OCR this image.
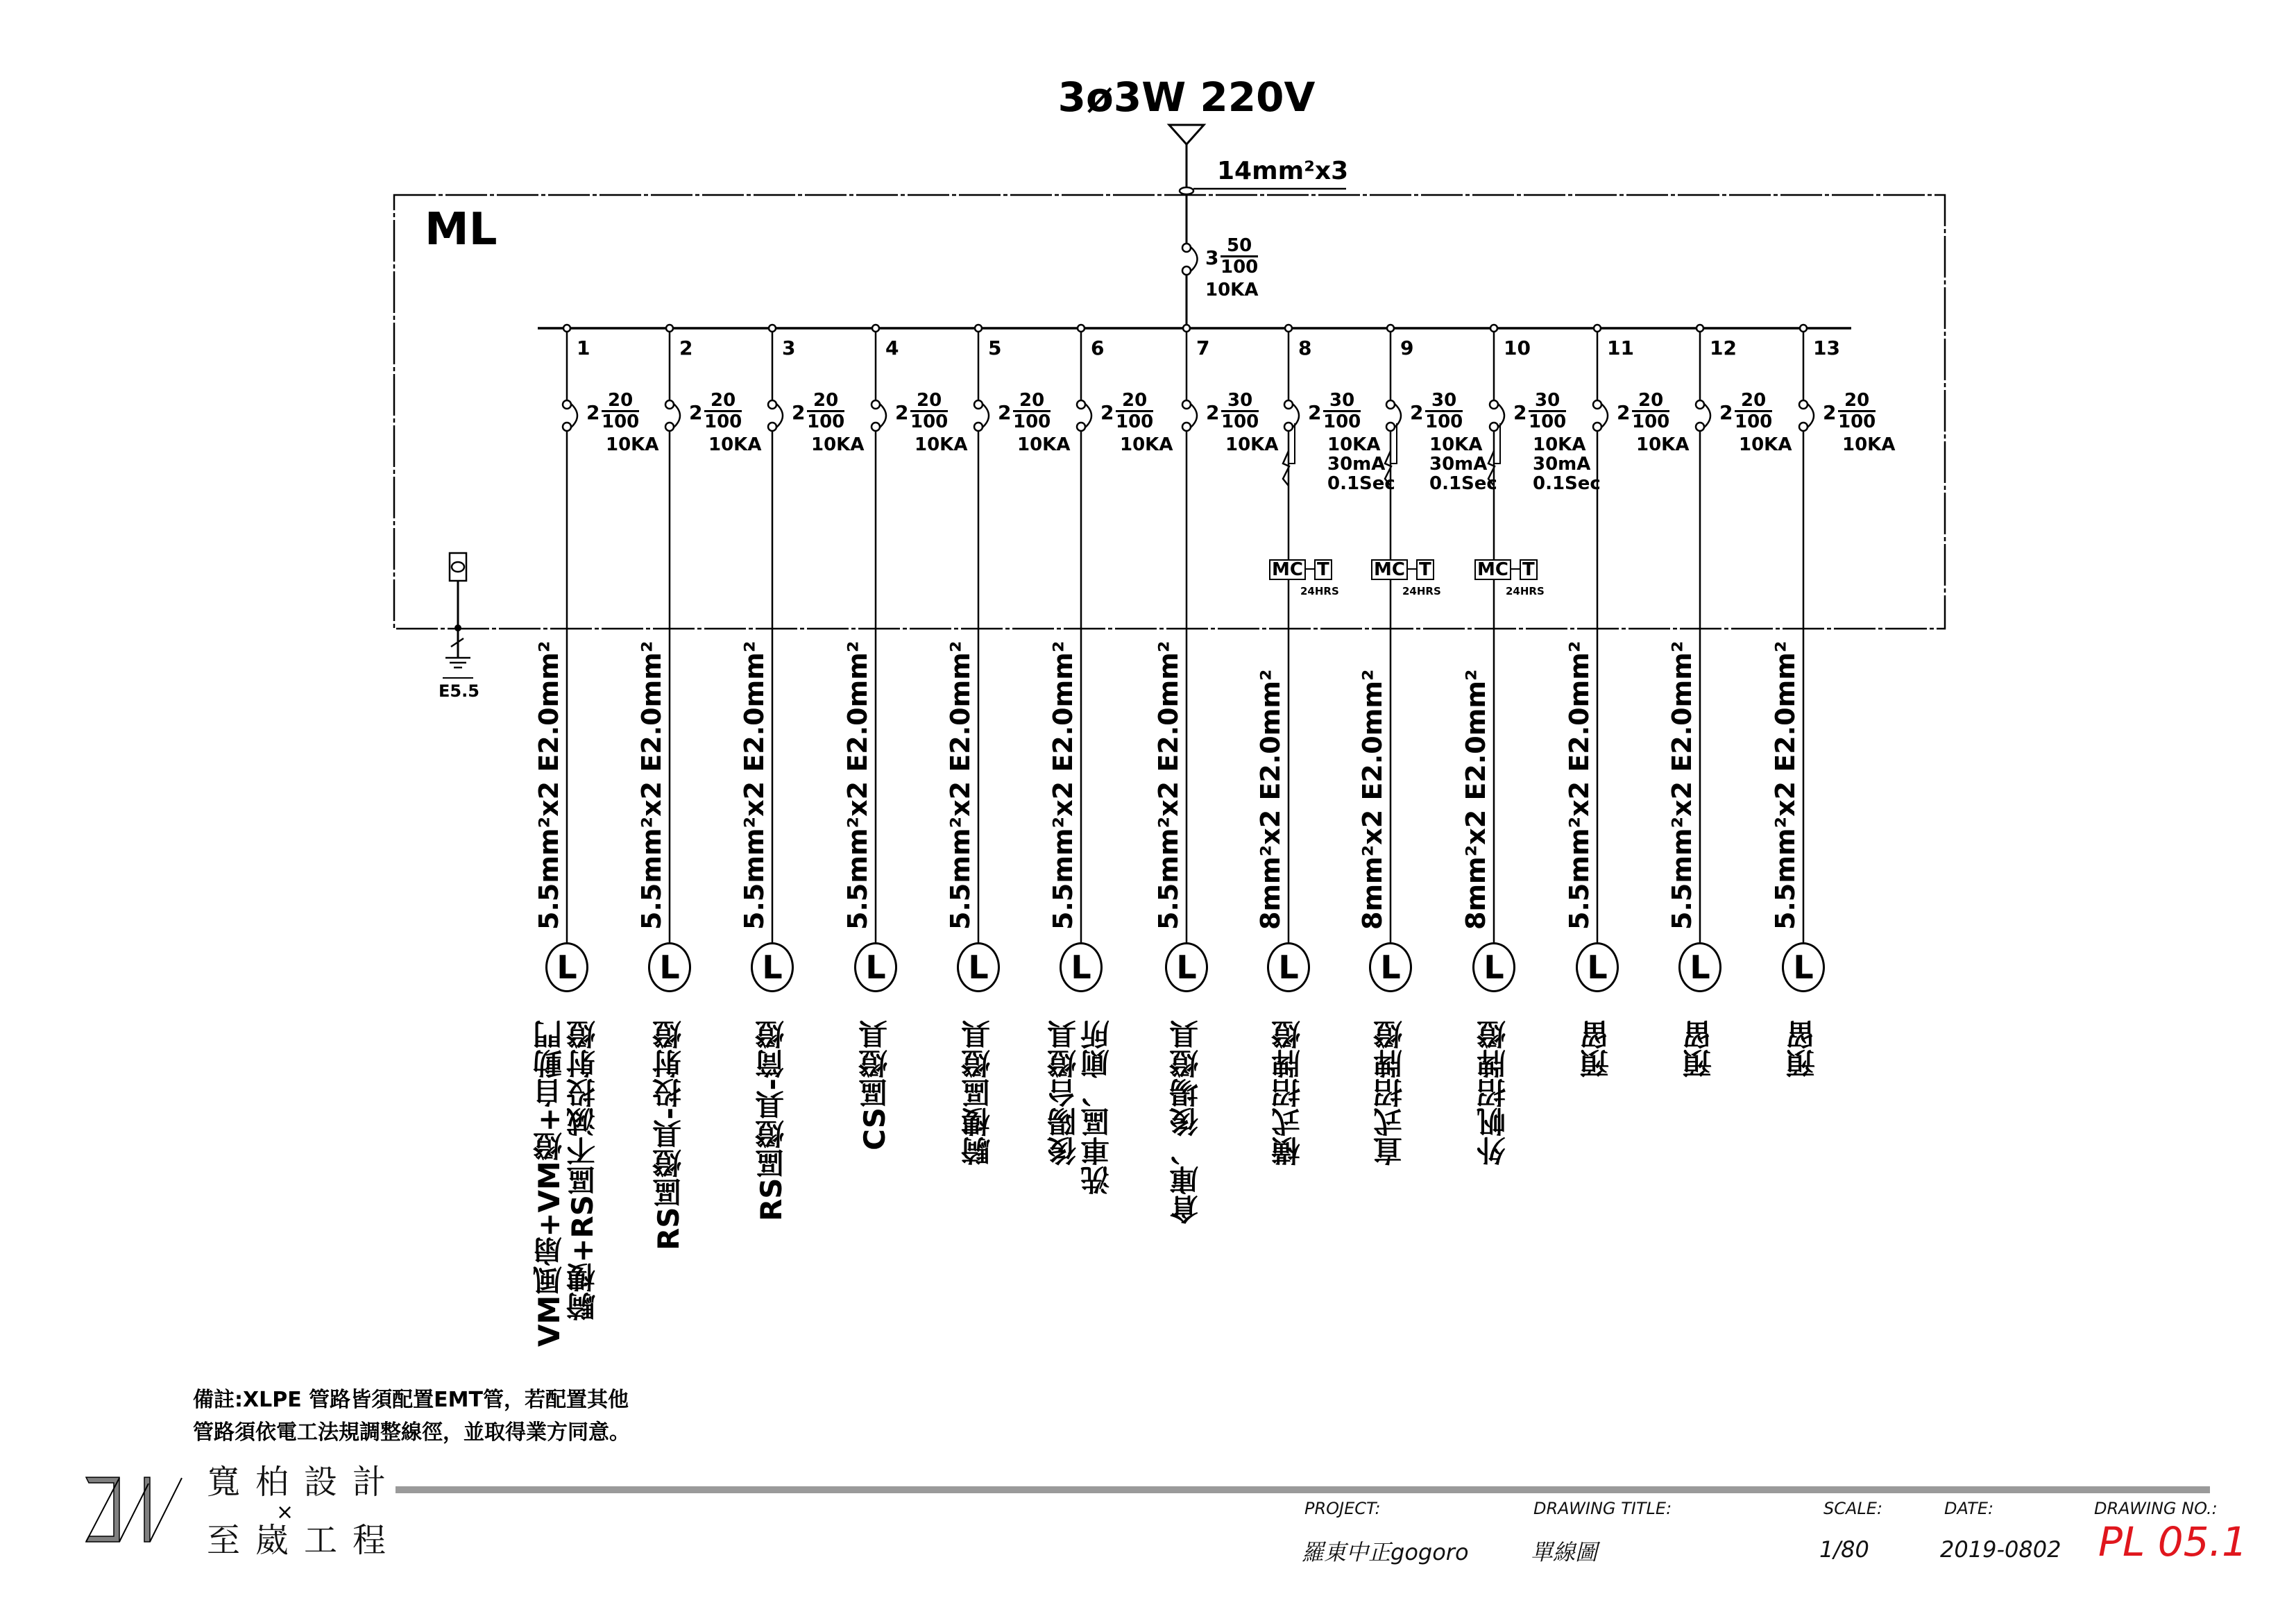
3ø3W 220V
14mm²x3
ML
$3 \frac{50}{100}$
10KA
E5.5
1
$2 \frac{20}{100}$
10KA
5.5mm²x2 E2.0mm²
L
VM風扇+VM燈+自動門 騎樓+RS區不滅投射燈
2
$2 \frac{20}{100}$
10KA
5.5mm²x2 E2.0mm²
L
RS區燈具-投射燈
3
$2 \frac{20}{100}$
10KA
5.5mm²x2 E2.0mm²
L
RS區燈具-筒燈
4
$2 \frac{20}{100}$
10KA
5.5mm²x2 E2.0mm²
L
CS區燈具
5
$2 \frac{20}{100}$
10KA
5.5mm²x2 E2.0mm²
L
騎樓區燈具
6
$2 \frac{20}{100}$
10KA
5.5mm²x2 E2.0mm²
L
後陽台燈具 洗車區、廁所
7
$2 \frac{30}{100}$
10KA
5.5mm²x2 E2.0mm²
L
倉庫、後場燈具
8
$2 \frac{30}{100}$
10KA
30mA
0.1Sec
MC T
24HRS
8mm²x2 E2.0mm²
L
橫式招牌燈
9
$2 \frac{30}{100}$
10KA
30mA
0.1Sec
MC T
24HRS
8mm²x2 E2.0mm²
L
直式招牌燈
10
$2 \frac{30}{100}$
10KA
30mA
0.1Sec
MC T
24HRS
8mm²x2 E2.0mm²
L
外帆招牌燈
11
$2 \frac{20}{100}$
10KA
5.5mm²x2 E2.0mm²
L
預留
12
$2 \frac{20}{100}$
10KA
5.5mm²x2 E2.0mm²
L
預留
13
$2 \frac{20}{100}$
10KA
5.5mm²x2 E2.0mm²
L
預留
備註:XLPE 管路皆須配置EMT管，若配置其他
管路須依電工法規調整線徑，並取得業方同意。
寬柏設計
×
至崴工程
PROJECT:
羅東中正gogoro
DRAWING TITLE:
單線圖
SCALE:
1/80
DATE:
2019-0802
DRAWING NO.:
PL 05.1
